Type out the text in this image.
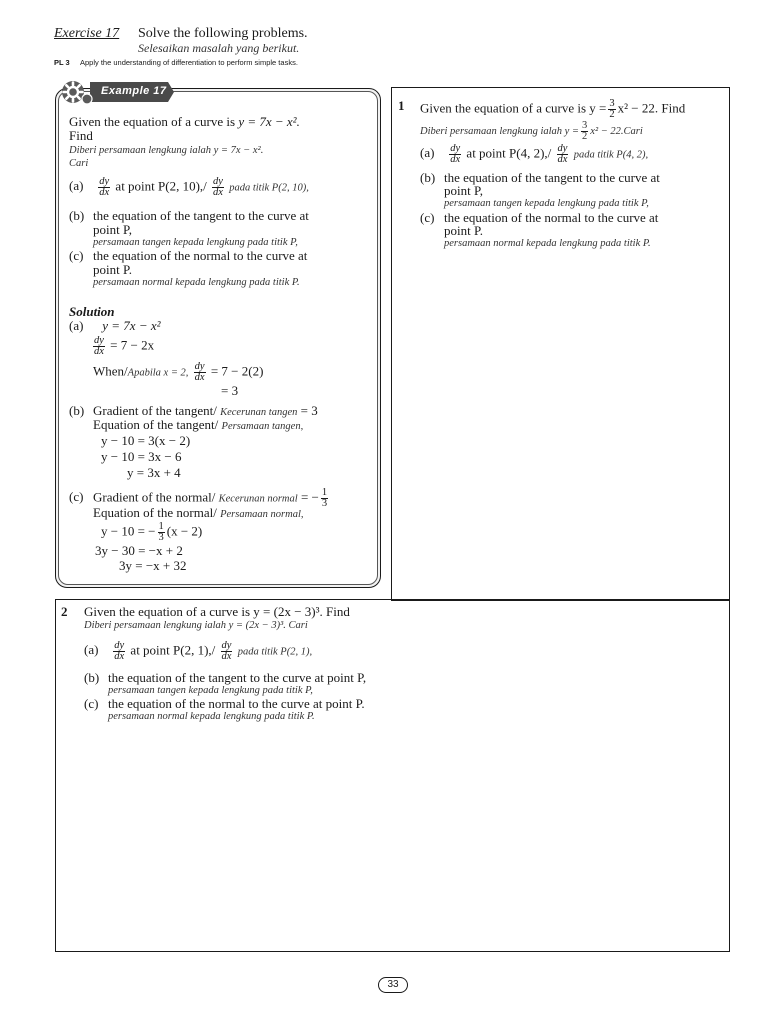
Exercise 17 Solve the following problems.
Selesaikan masalah yang berikut.
PL 3 Apply the understanding of differentiation to perform simple tasks.
Example 17
Given the equation of a curve is y = 7x − x².
Find
Diberi persamaan lengkung ialah y = 7x − x².
Cari
$(a) \frac{dy}{dx}$ at point P(2, $10),/ \frac{dy}{dx}$ pada titik P(2, 10),
(b) the equation of the tangent to the curve at
point P,
persamaan tangen kepada lengkung pada titik P,
(c) the equation of the normal to the curve at
point P.
persamaan normal kepada lengkung pada titik P.
Solution
(a) y = 7x − x²
$\frac{dy}{dx} = 7 - 2x$
When/Apabila x = 2, $\frac{dy}{dx} = 7 - 2(2)$
= 3
(b) Gradient of the tangent/ Kecerunan tangen = 3
Equation of the tangent/ Persamaan tangen,
y − 10 = 3(x − 2)
y − 10 = 3x − 6
y = 3x + 4
(c) Gradient of the normal/ Kecerunan normal = − $\frac{1}{3}$
Equation of the normal/ Persamaan normal,
y − 10 = − $\frac{1}{3} (x - 2)$
3y − 30 = −x + 2
3y = −x + 32
1 Given the equation of a curve is $y = \frac{3}{2} x^2 - 22$. Find
Diberi persamaan lengkung ialah $y = \frac{3}{2} x^2$ − 22.Cari
$(a) \frac{dy}{dx}$ at point P(4, $2),/ \frac{dy}{dx}$ pada titik P(4, 2),
(b) the equation of the tangent to the curve at
point P,
persamaan tangen kepada lengkung pada titik P,
(c) the equation of the normal to the curve at
point P.
persamaan normal kepada lengkung pada titik P.
2 Given the equation of a curve is y = (2x − 3)³. Find
Diberi persamaan lengkung ialah y = (2x − 3)³. Cari
$(a) \frac{dy}{dx}$ at point P(2, $1),/ \frac{dy}{dx}$ pada titik P(2, 1),
(b) the equation of the tangent to the curve at point P,
persamaan tangen kepada lengkung pada titik P,
(c) the equation of the normal to the curve at point P.
persamaan normal kepada lengkung pada titik P.
33
